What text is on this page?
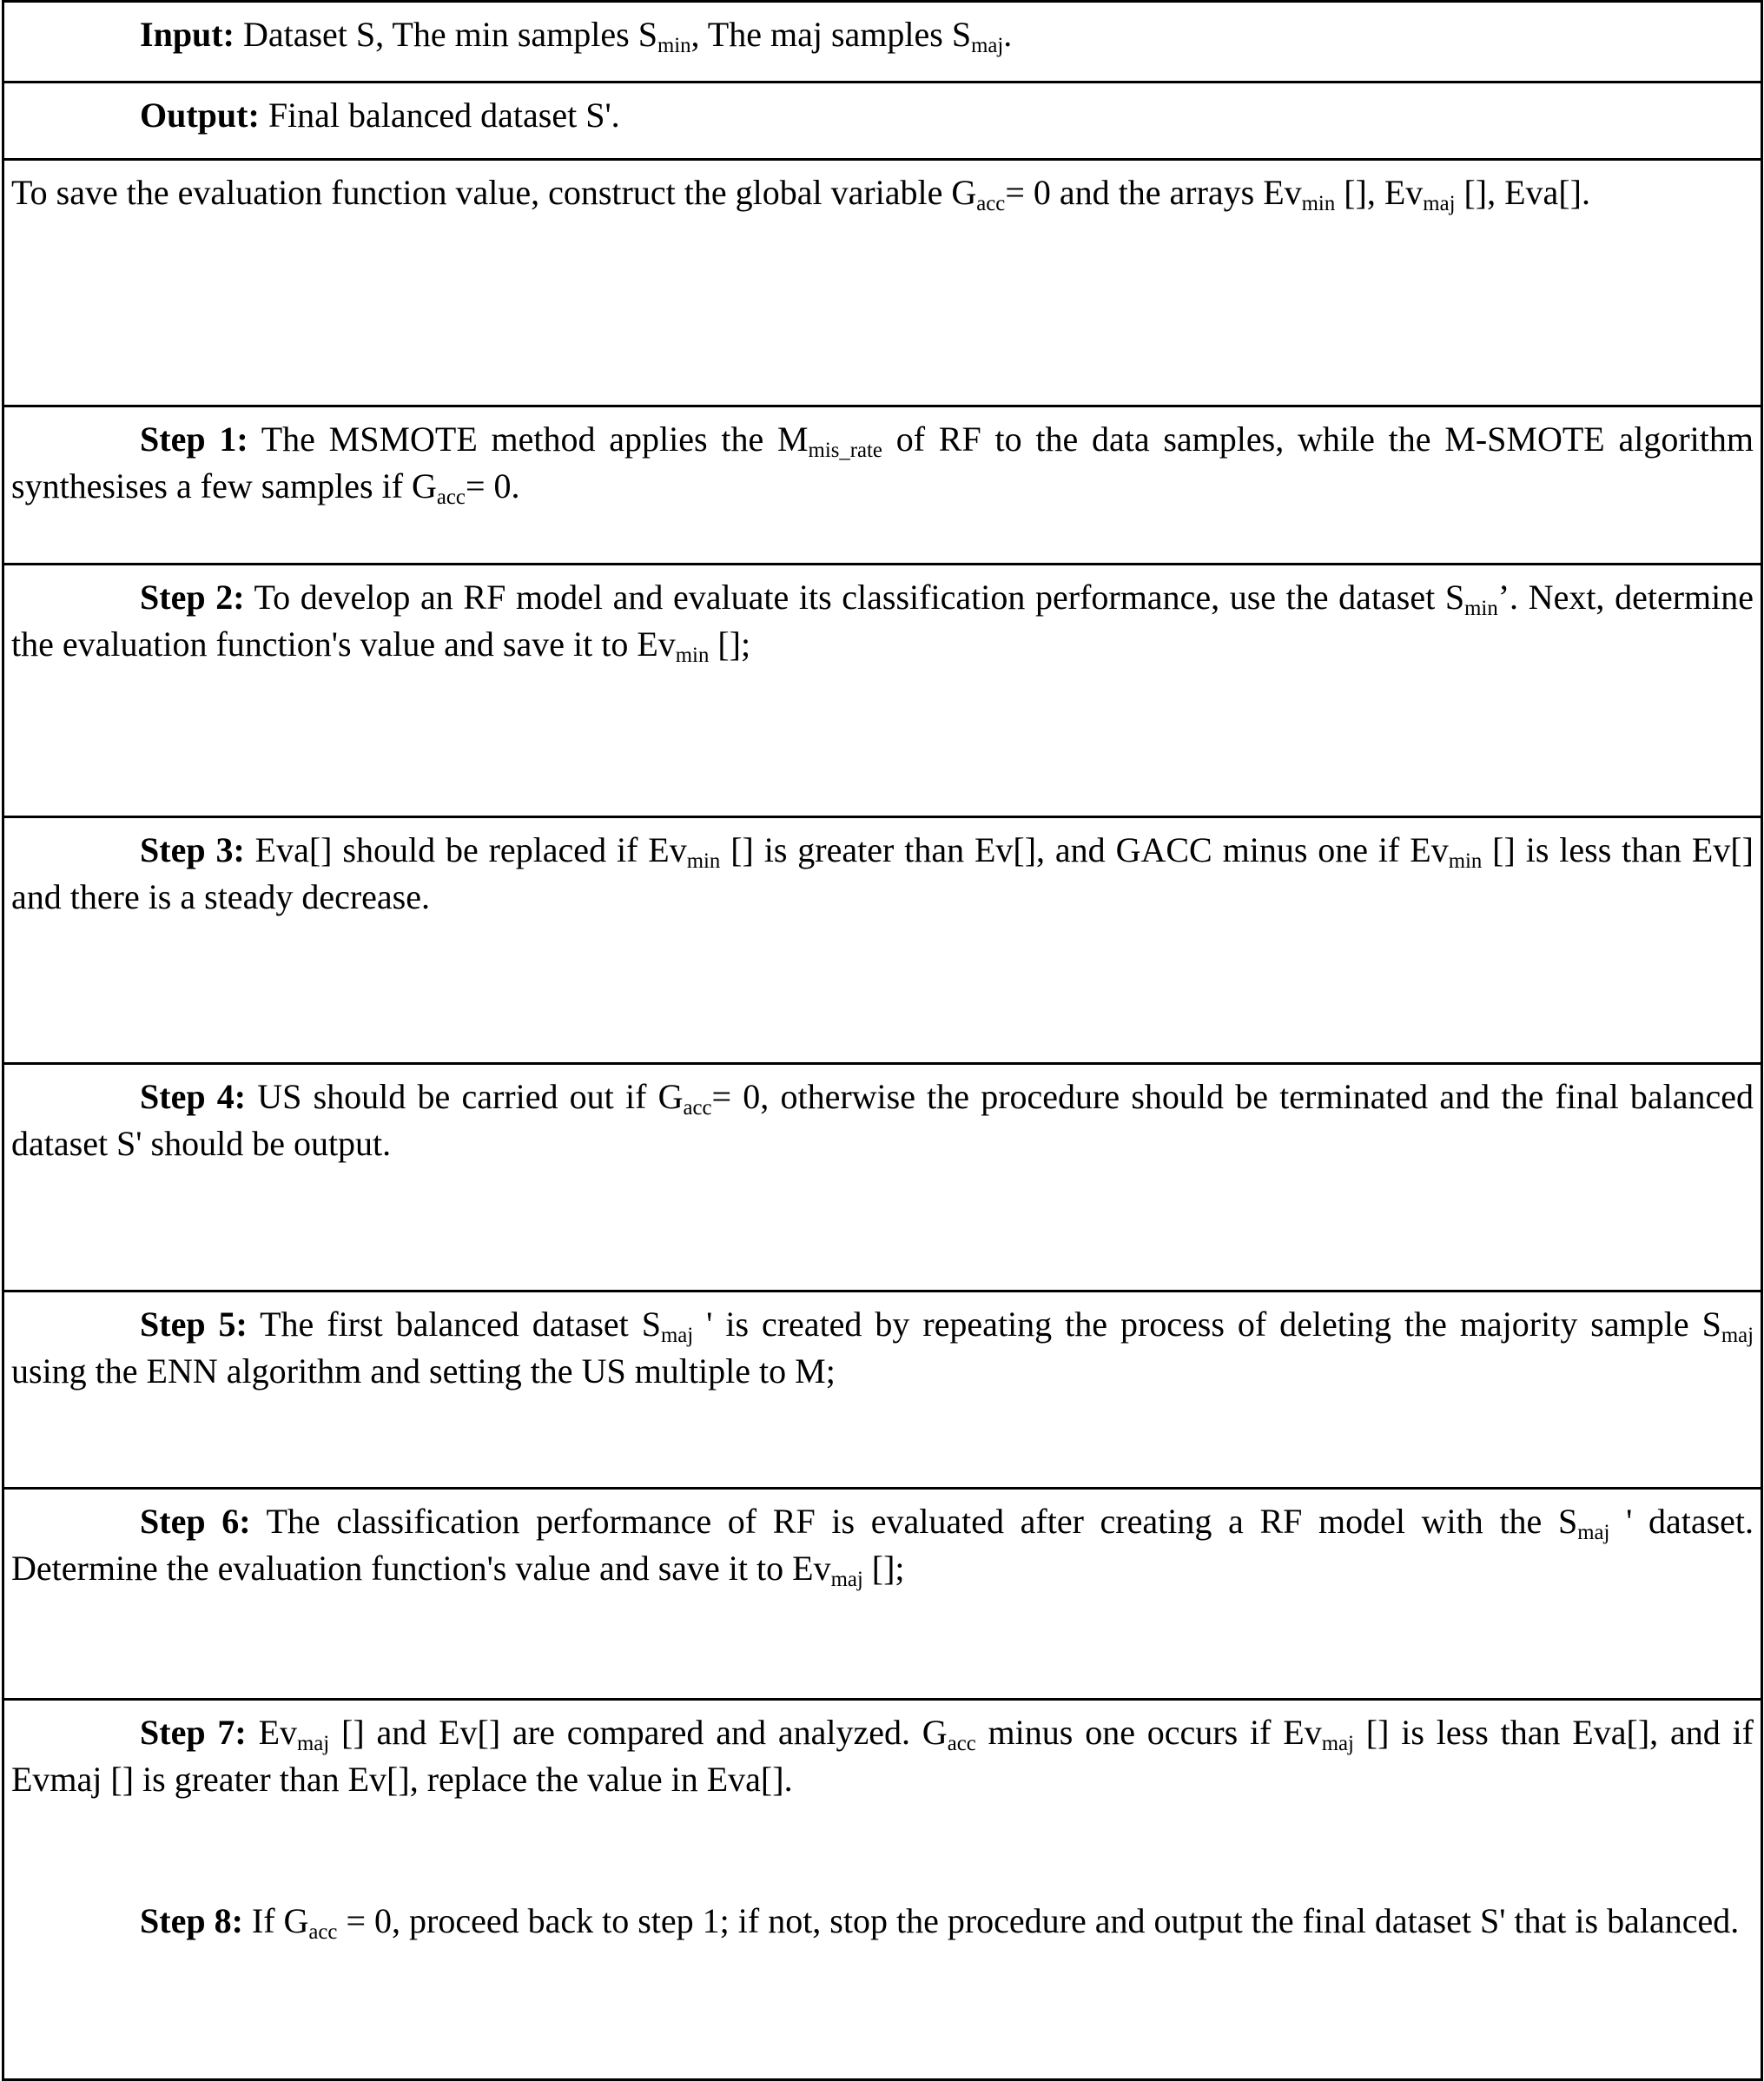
Input: Dataset S, The min samples $S_{min}$, The maj samples $S_{maj}$.

Output: Final balanced dataset S'.

To save the evaluation function value, construct the global variable $G_{acc}= 0$ and the arrays $Ev_{min}$ [], $Ev_{maj}$ [], Eva[].

Step 1: The MSMOTE method applies the $M_{mis\_rate}$ of RF to the data samples, while the M-SMOTE algorithm synthesises a few samples if $G_{acc}= 0$.

Step 2: To develop an RF model and evaluate its classification performance, use the dataset $S_{min}$’. Next, determine the evaluation function's value and save it to $Ev_{min}$ [];

Step 3: Eva[] should be replaced if $Ev_{min}$ [] is greater than Ev[], and GACC minus one if $Ev_{min}$ [] is less than Ev[] and there is a steady decrease.

Step 4: US should be carried out if $G_{acc}= 0$, otherwise the procedure should be terminated and the final balanced dataset S' should be output.

Step 5: The first balanced dataset $S_{maj}$ ' is created by repeating the process of deleting the majority sample $S_{maj}$ using the ENN algorithm and setting the US multiple to M;

Step 6: The classification performance of RF is evaluated after creating a RF model with the $S_{maj}$ ' dataset. Determine the evaluation function's value and save it to $Ev_{maj}$ [];

Step 7: $Ev_{maj}$ [] and Ev[] are compared and analyzed. $G_{acc}$ minus one occurs if $Ev_{maj}$ [] is less than Eva[], and if Evmaj [] is greater than Ev[], replace the value in Eva[].
Step 8: If $G_{acc} = 0$, proceed back to step 1; if not, stop the procedure and output the final dataset S' that is balanced.
